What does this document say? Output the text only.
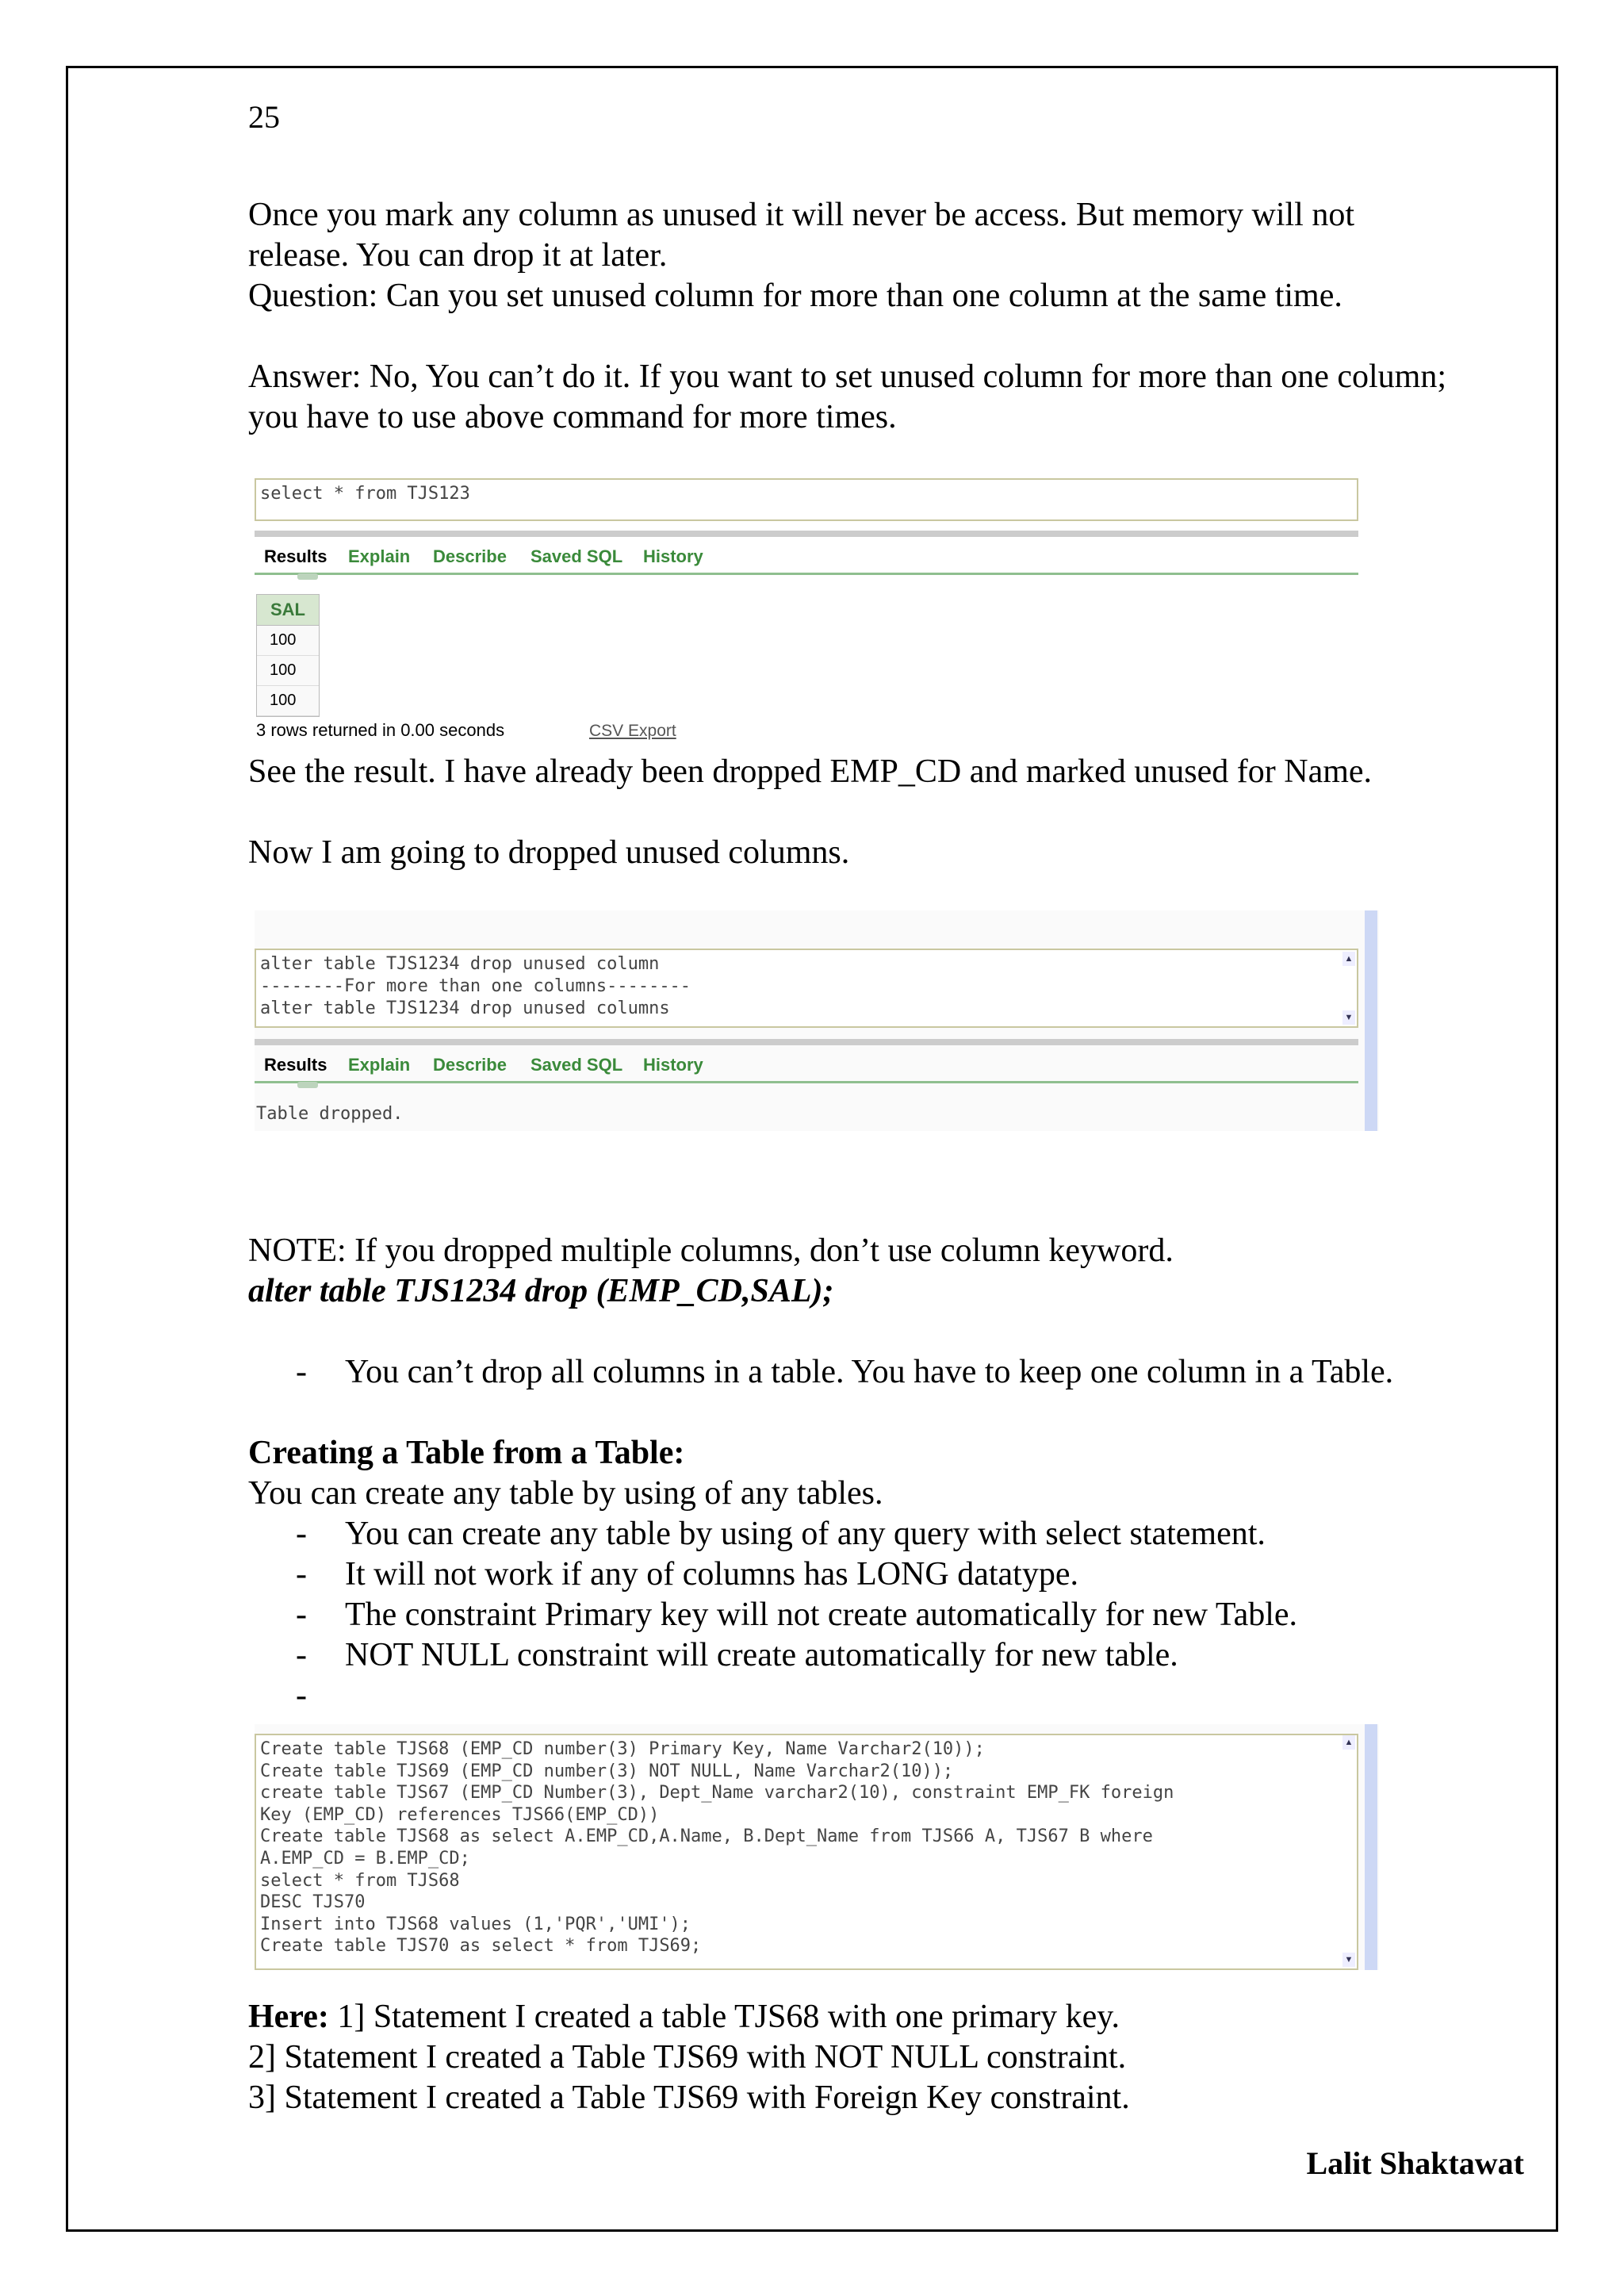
25
Once you mark any column as unused it will never be access. But memory will not release. You can drop it at later.
Question: Can you set unused column for more than one column at the same time.
Answer: No, You can’t do it. If you want to set unused column for more than one column; you have to use above command for more times.
select * from TJS123
Results Explain Describe Saved SQL History
SAL
100
100
100
3 rows returned in 0.00 seconds	CSV Export
See the result. I have already been dropped EMP_CD and marked unused for Name.
Now I am going to dropped unused columns.
alter table TJS1234 drop unused column
--------For more than one columns--------
alter table TJS1234 drop unused columns
▲
▼
Results Explain Describe Saved SQL History
Table dropped.
NOTE: If you dropped multiple columns, don’t use column keyword.
alter table TJS1234 drop (EMP_CD,SAL);
-	You can’t drop all columns in a table. You have to keep one column in a Table.
Creating a Table from a Table:
You can create any table by using of any tables.
-	You can create any table by using of any query with select statement.
-	It will not work if any of columns has LONG datatype.
-	The constraint Primary key will not create automatically for new Table.
-	NOT NULL constraint will create automatically for new table.
-
Create table TJS68 (EMP_CD number(3) Primary Key, Name Varchar2(10));
Create table TJS69 (EMP_CD number(3) NOT NULL, Name Varchar2(10));
create table TJS67 (EMP_CD Number(3), Dept_Name varchar2(10), constraint EMP_FK foreign
Key (EMP_CD) references TJS66(EMP_CD))
Create table TJS68 as select A.EMP_CD,A.Name, B.Dept_Name from TJS66 A, TJS67 B where
A.EMP_CD = B.EMP_CD;
select * from TJS68
DESC TJS70
Insert into TJS68 values (1,'PQR','UMI');
Create table TJS70 as select * from TJS69;
▲
▼
Here: 1] Statement I created a table TJS68 with one primary key.
2] Statement I created a Table TJS69 with NOT NULL constraint.
3] Statement I created a Table TJS69 with Foreign Key constraint.
Lalit Shaktawat
